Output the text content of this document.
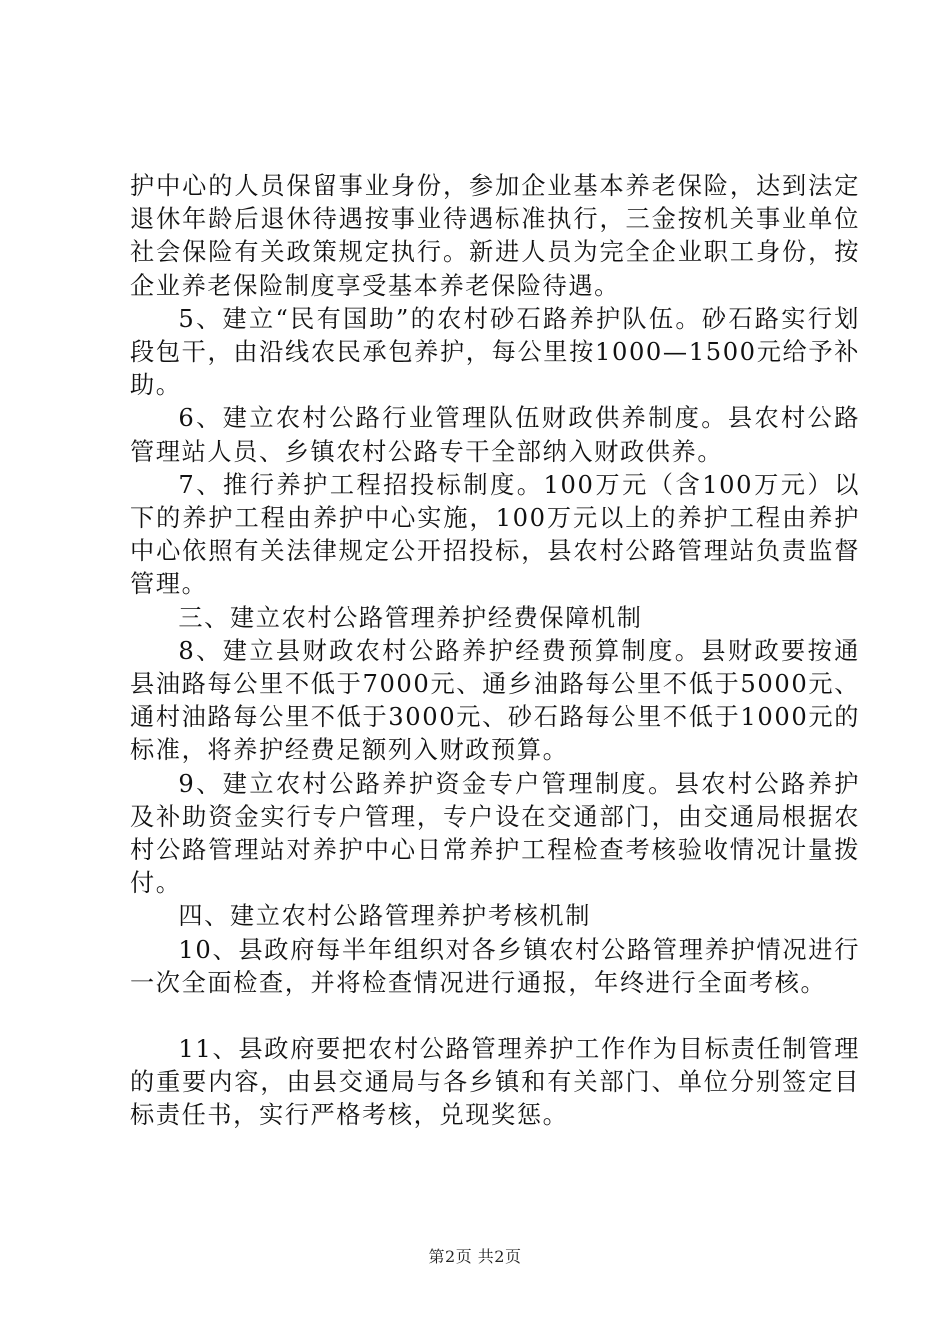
护中心的人员保留事业身份，参加企业基本养老保险，达到法定退休年龄后退休待遇按事业待遇标准执行，三金按机关事业单位社会保险有关政策规定执行。新进人员为完全企业职工身份，按企业养老保险制度享受基本养老保险待遇。

5、建立“民有国助”的农村砂石路养护队伍。砂石路实行划段包干，由沿线农民承包养护，每公里按1000—1500元给予补助。

6、建立农村公路行业管理队伍财政供养制度。县农村公路管理站人员、乡镇农村公路专干全部纳入财政供养。

7、推行养护工程招投标制度。100万元（含100万元）以下的养护工程由养护中心实施，100万元以上的养护工程由养护中心依照有关法律规定公开招投标，县农村公路管理站负责监督管理。

三、建立农村公路管理养护经费保障机制

8、建立县财政农村公路养护经费预算制度。县财政要按通县油路每公里不低于7000元、通乡油路每公里不低于5000元、通村油路每公里不低于3000元、砂石路每公里不低于1000元的标准，将养护经费足额列入财政预算。

9、建立农村公路养护资金专户管理制度。县农村公路养护及补助资金实行专户管理，专户设在交通部门，由交通局根据农村公路管理站对养护中心日常养护工程检查考核验收情况计量拨付。

四、建立农村公路管理养护考核机制

10、县政府每半年组织对各乡镇农村公路管理养护情况进行一次全面检查，并将检查情况进行通报，年终进行全面考核。

11、县政府要把农村公路管理养护工作作为目标责任制管理的重要内容，由县交通局与各乡镇和有关部门、单位分别签定目标责任书，实行严格考核，兑现奖惩。

第2页 共2页
